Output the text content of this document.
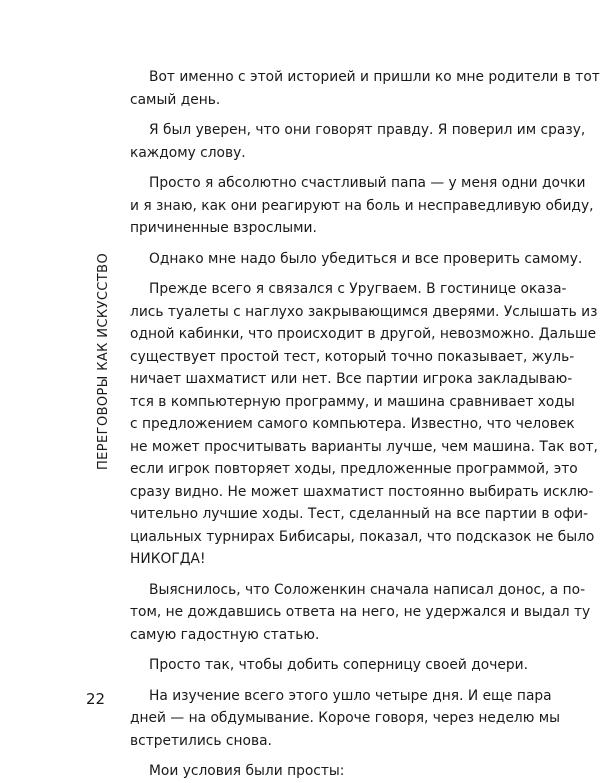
ПЕРЕГОВОРЫ КАК ИСКУССТВО
Вот именно с этой историей и пришли ко мне родители в тот
самый день.
Я был уверен, что они говорят правду. Я поверил им сразу,
каждому слову.
Просто я абсолютно счастливый папа — у меня одни дочки
и я знаю, как они реагируют на боль и несправедливую обиду,
причиненные взрослыми.
Однако мне надо было убедиться и все проверить самому.
Прежде всего я связался с Уругваем. В гостинице оказа-
лись туалеты с наглухо закрывающимся дверями. Услышать из
одной кабинки, что происходит в другой, невозможно. Дальше
существует простой тест, который точно показывает, жуль-
ничает шахматист или нет. Все партии игрока закладываю-
тся в компьютерную программу, и машина сравнивает ходы
с предложением самого компьютера. Известно, что человек
не может просчитывать варианты лучше, чем машина. Так вот,
если игрок повторяет ходы, предложенные программой, это
сразу видно. Не может шахматист постоянно выбирать исклю-
чительно лучшие ходы. Тест, сделанный на все партии в офи-
циальных турнирах Бибисары, показал, что подсказок не было
НИКОГДА!
Выяснилось, что Соложенкин сначала написал донос, а по-
том, не дождавшись ответа на него, не удержался и выдал ту
самую гадостную статью.
Просто так, чтобы добить соперницу своей дочери.
На изучение всего этого ушло четыре дня. И еще пара
дней — на обдумывание. Короче говоря, через неделю мы
встретились снова.
Мои условия были просты:
22
